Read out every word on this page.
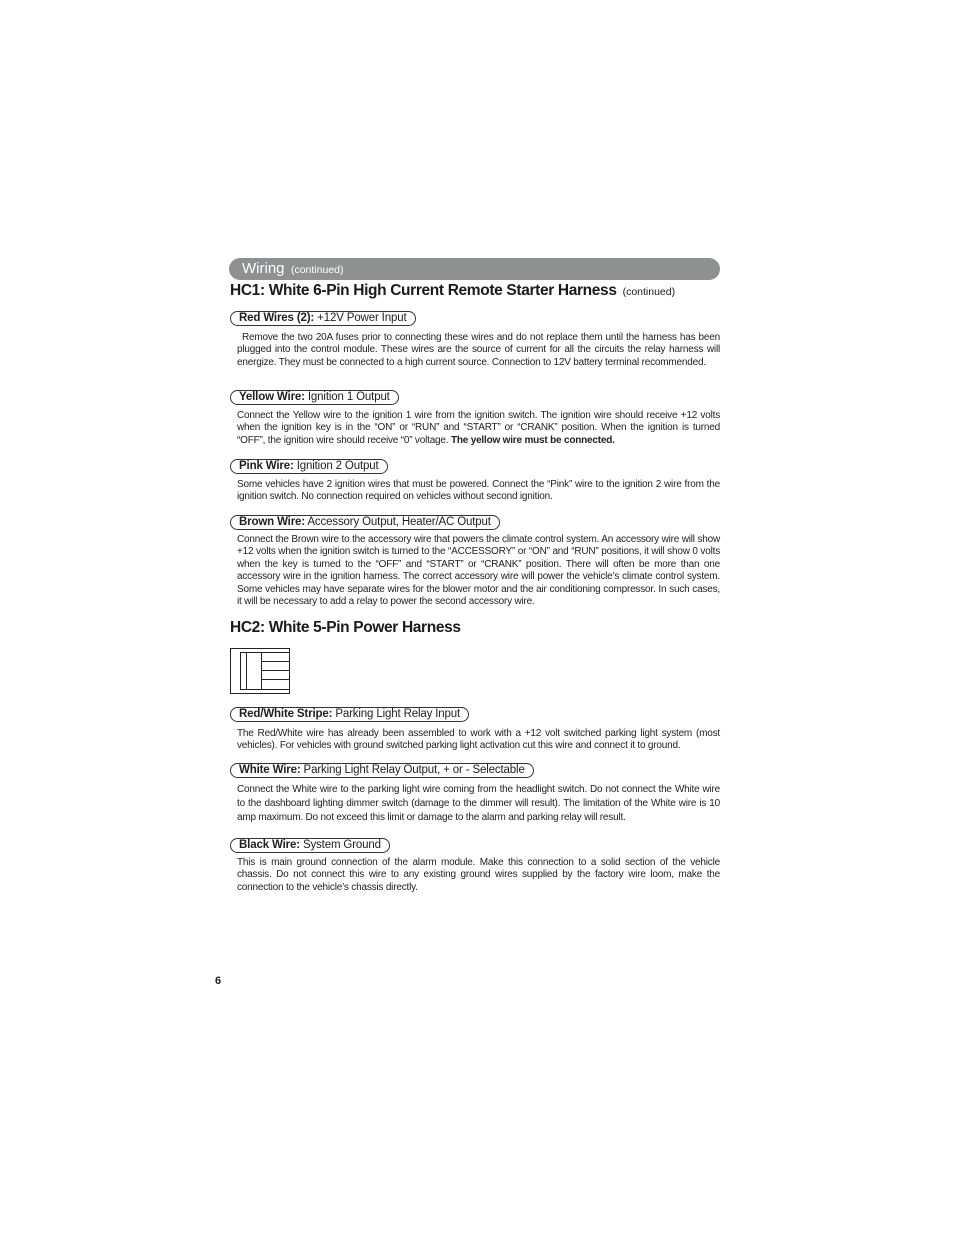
Wiring (continued)
HC1: White 6-Pin High Current Remote Starter Harness (continued)
Red Wires (2): +12V Power Input

Remove the two 20A fuses prior to connecting these wires and do not replace them until the harness has been plugged into the control module. These wires are the source of current for all the circuits the relay harness will energize. They must be connected to a high current source. Connection to 12V battery terminal recommended.

Yellow Wire: Ignition 1 Output

Connect the Yellow wire to the ignition 1 wire from the ignition switch. The ignition wire should receive +12 volts when the ignition key is in the “ON” or “RUN” and “START” or “CRANK” position. When the ignition is turned “OFF”, the ignition wire should receive “0” voltage. The yellow wire must be connected.

Pink Wire: Ignition 2 Output

Some vehicles have 2 ignition wires that must be powered. Connect the “Pink” wire to the ignition 2 wire from the ignition switch. No connection required on vehicles without second ignition.

Brown Wire: Accessory Output, Heater/AC Output

Connect the Brown wire to the accessory wire that powers the climate control system. An accessory wire will show +12 volts when the ignition switch is turned to the “ACCESSORY” or “ON” and “RUN” positions, it will show 0 volts when the key is turned to the “OFF” and “START” or “CRANK” position. There will often be more than one accessory wire in the ignition harness. The correct accessory wire will power the vehicle’s climate control system. Some vehicles may have separate wires for the blower motor and the air conditioning compressor. In such cases, it will be necessary to add a relay to power the second accessory wire.

HC2: White 5-Pin Power Harness
Red/White Stripe: Parking Light Relay Input

The Red/White wire has already been assembled to work with a +12 volt switched parking light system (most vehicles). For vehicles with ground switched parking light activation cut this wire and connect it to ground.

White Wire: Parking Light Relay Output, + or - Selectable

Connect the White wire to the parking light wire coming from the headlight switch. Do not connect the White wire to the dashboard lighting dimmer switch (damage to the dimmer will result). The limitation of the White wire is 10 amp maximum. Do not exceed this limit or damage to the alarm and parking relay will result.

Black Wire: System Ground

This is main ground connection of the alarm module. Make this connection to a solid section of the vehicle chassis. Do not connect this wire to any existing ground wires supplied by the factory wire loom, make the connection to the vehicle’s chassis directly.

6
